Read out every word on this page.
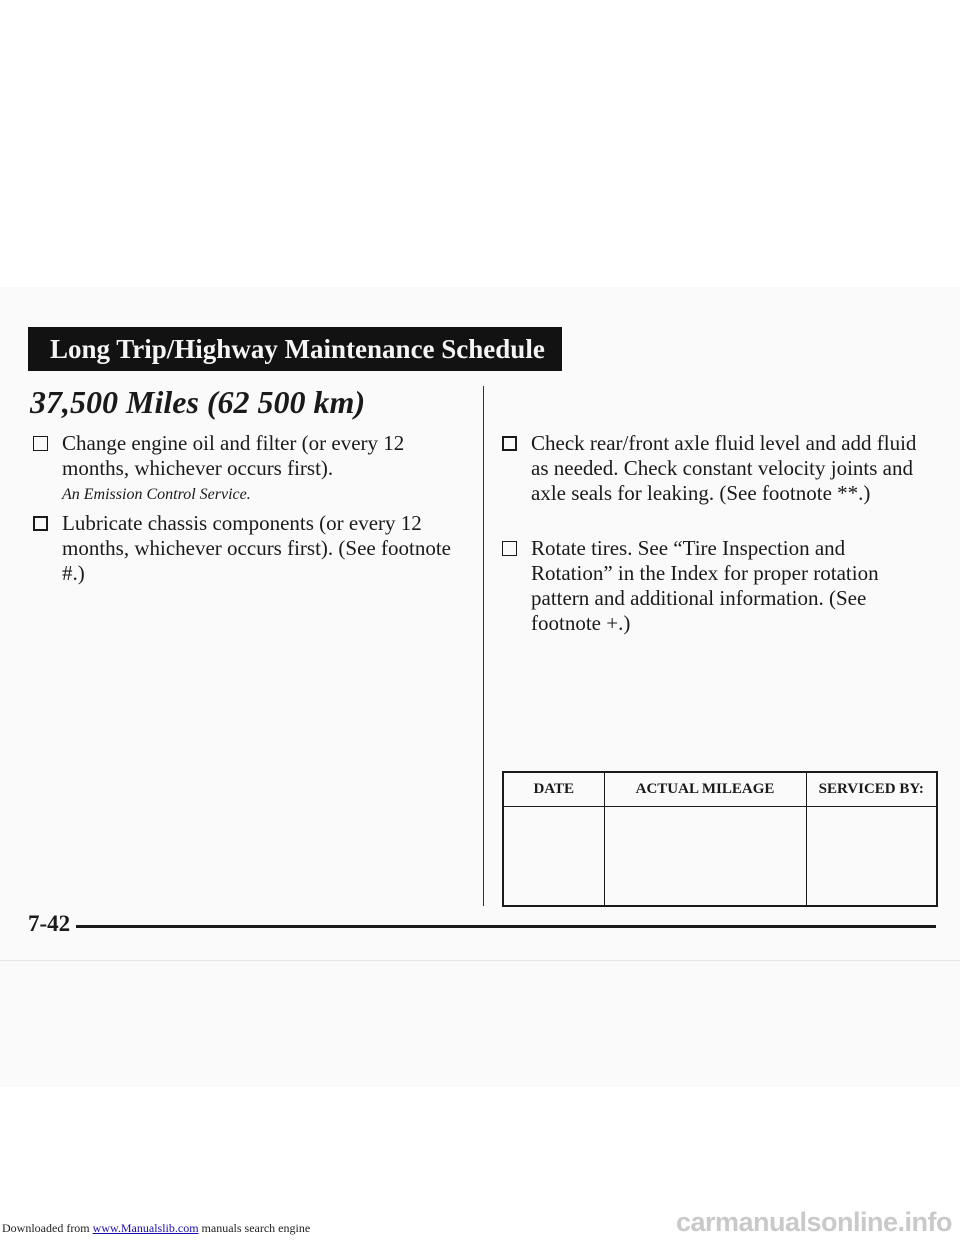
Long Trip/Highway Maintenance Schedule
37,500 Miles (62 500 km)
Change engine oil and filter (or every 12 months, whichever occurs first).
An Emission Control Service.
Lubricate chassis components (or every 12 months, whichever occurs first). (See footnote #.)
Check rear/front axle fluid level and add fluid as needed. Check constant velocity joints and axle seals for leaking. (See footnote **.)
Rotate tires. See “Tire Inspection and Rotation” in the Index for proper rotation pattern and additional information. (See footnote +.)
DATE	ACTUAL MILEAGE	SERVICED BY:

7-42
Downloaded from www.Manualslib.com manuals search engine	carmanualsonline.info
